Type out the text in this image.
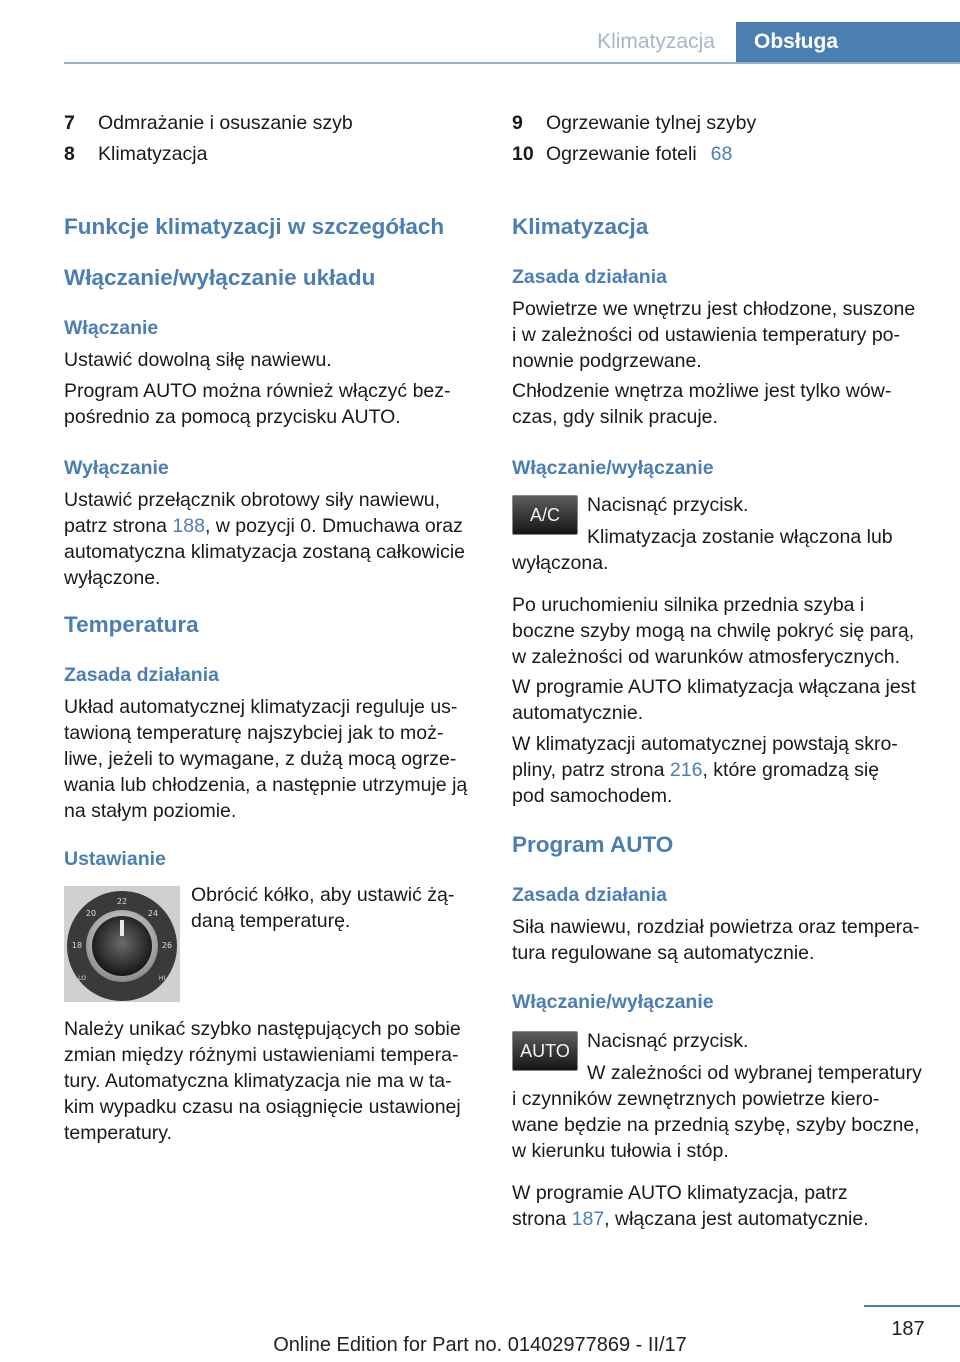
Klimatyzacja	Obsługa
7	Odmrażanie i osuszanie szyb
8	Klimatyzacja
9	Ogrzewanie tylnej szyby
10 Ogrzewanie foteli 68
Funkcje klimatyzacji w szczegółach
Włączanie/wyłączanie układu
Włączanie

Ustawić dowolną siłę nawiewu.

Program AUTO można również włączyć bez-

pośrednio za pomocą przycisku AUTO.

Wyłączanie

Ustawić przełącznik obrotowy siły nawiewu,

patrz strona 188, w pozycji 0. Dmuchawa oraz

automatyczna klimatyzacja zostaną całkowicie

wyłączone.

Temperatura
Zasada działania

Układ automatycznej klimatyzacji reguluje us-

tawioną temperaturę najszybciej jak to moż-

liwe, jeżeli to wymagane, z dużą mocą ogrze-

wania lub chłodzenia, a następnie utrzymuje ją

na stałym poziomie.

Ustawianie

Obrócić kółko, aby ustawić żą-

daną temperaturę.

22
20	24
18	26
LO	HI

Należy unikać szybko następujących po sobie

zmian między różnymi ustawieniami tempera-

tury. Automatyczna klimatyzacja nie ma w ta-

kim wypadku czasu na osiągnięcie ustawionej

temperatury.

Klimatyzacja
Zasada działania

Powietrze we wnętrzu jest chłodzone, suszone

i w zależności od ustawienia temperatury po-

nownie podgrzewane.

Chłodzenie wnętrza możliwe jest tylko wów-

czas, gdy silnik pracuje.

Włączanie/wyłączanie
A/C	Nacisnąć przycisk.

Klimatyzacja zostanie włączona lub

wyłączona.

Po uruchomieniu silnika przednia szyba i

boczne szyby mogą na chwilę pokryć się parą,

w zależności od warunków atmosferycznych.

W programie AUTO klimatyzacja włączana jest

automatycznie.

W klimatyzacji automatycznej powstają skro-

pliny, patrz strona 216, które gromadzą się

pod samochodem.

Program AUTO
Zasada działania

Siła nawiewu, rozdział powietrza oraz tempera-

tura regulowane są automatycznie.

Włączanie/wyłączanie
AUTO Nacisnąć przycisk.

W zależności od wybranej temperatury

i czynników zewnętrznych powietrze kiero-

wane będzie na przednią szybę, szyby boczne,

w kierunku tułowia i stóp.

W programie AUTO klimatyzacja, patrz

strona 187, włączana jest automatycznie.

187
Online Edition for Part no. 01402977869 - II/17
